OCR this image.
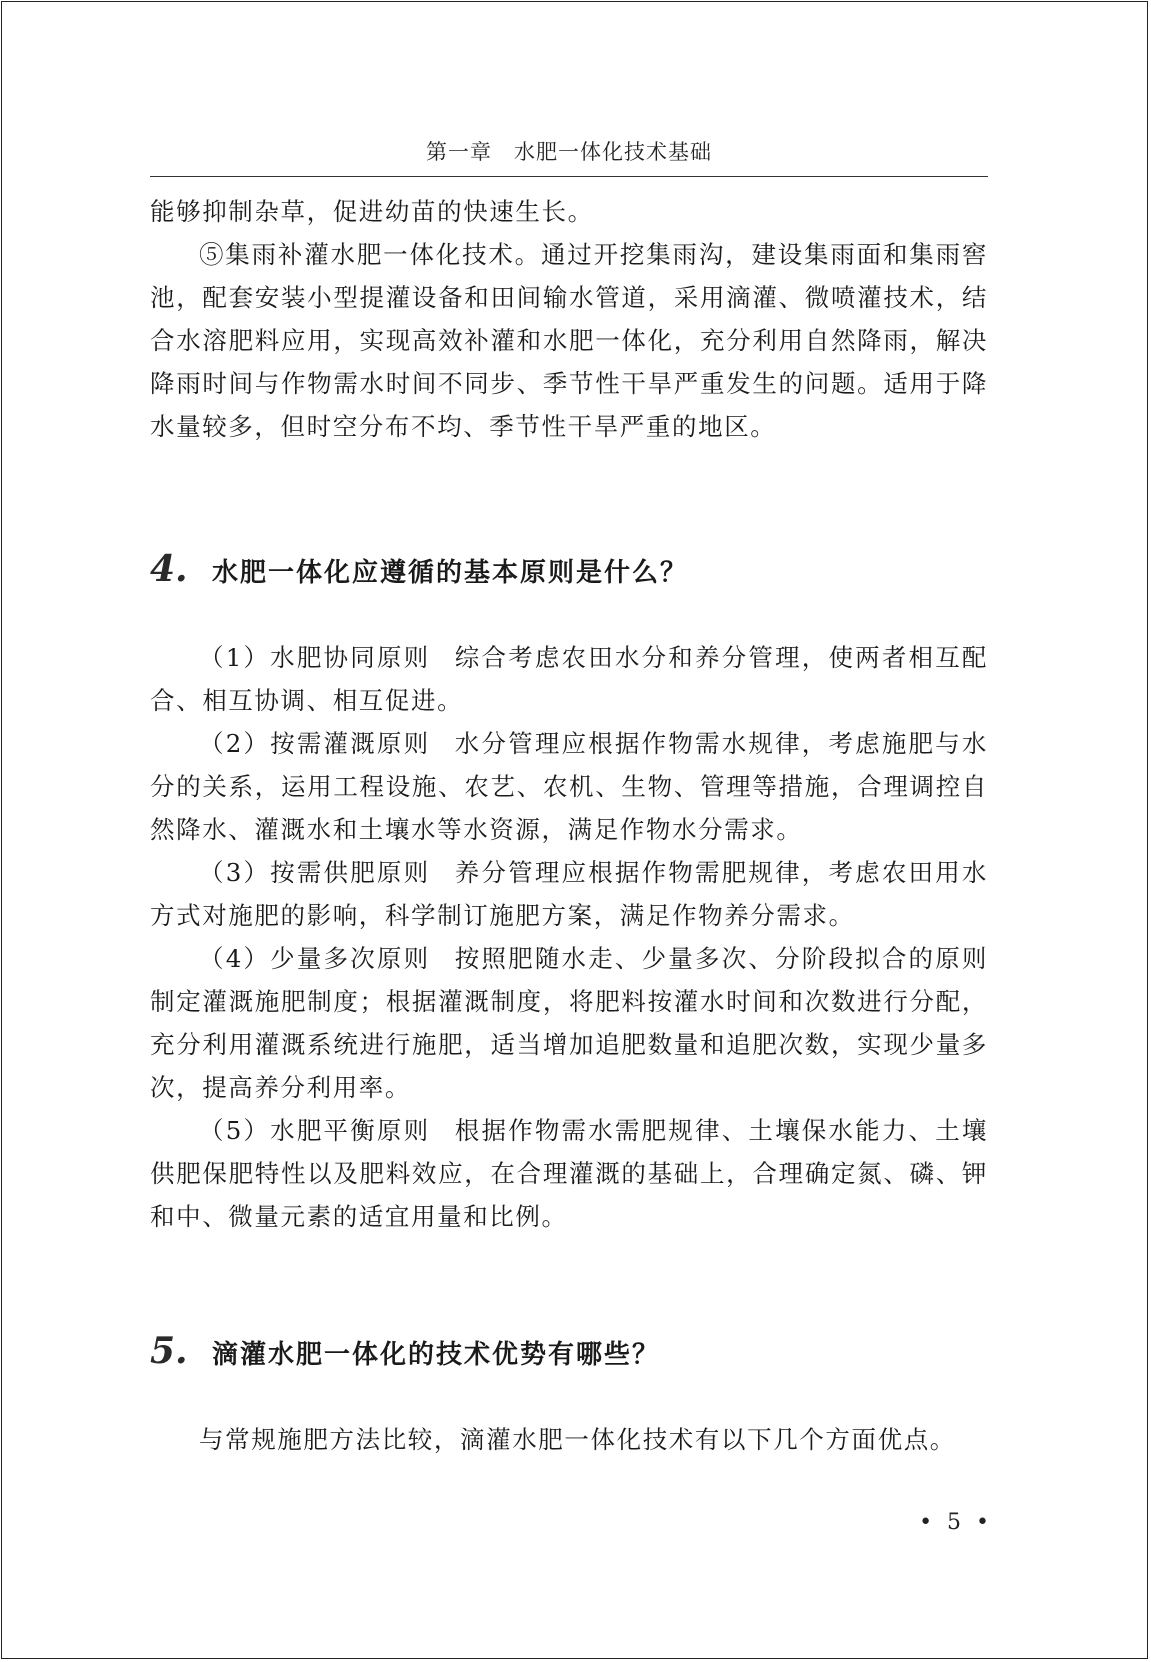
第一章　水肥一体化技术基础

能够抑制杂草，促进幼苗的快速生长。

⑤集雨补灌水肥一体化技术。通过开挖集雨沟，建设集雨面和集雨窖池，配套安装小型提灌设备和田间输水管道，采用滴灌、微喷灌技术，结合水溶肥料应用，实现高效补灌和水肥一体化，充分利用自然降雨，解决降雨时间与作物需水时间不同步、季节性干旱严重发生的问题。适用于降水量较多，但时空分布不均、季节性干旱严重的地区。

4. 水肥一体化应遵循的基本原则是什么？

（1）水肥协同原则 综合考虑农田水分和养分管理，使两者相互配合、相互协调、相互促进。

（2）按需灌溉原则 水分管理应根据作物需水规律，考虑施肥与水分的关系，运用工程设施、农艺、农机、生物、管理等措施，合理调控自然降水、灌溉水和土壤水等水资源，满足作物水分需求。

（3）按需供肥原则 养分管理应根据作物需肥规律，考虑农田用水方式对施肥的影响，科学制订施肥方案，满足作物养分需求。

（4）少量多次原则 按照肥随水走、少量多次、分阶段拟合的原则制定灌溉施肥制度；根据灌溉制度，将肥料按灌水时间和次数进行分配，充分利用灌溉系统进行施肥，适当增加追肥数量和追肥次数，实现少量多次，提高养分利用率。

（5）水肥平衡原则 根据作物需水需肥规律、土壤保水能力、土壤供肥保肥特性以及肥料效应，在合理灌溉的基础上，合理确定氮、磷、钾和中、微量元素的适宜用量和比例。

5. 滴灌水肥一体化的技术优势有哪些？

与常规施肥方法比较，滴灌水肥一体化技术有以下几个方面优点。

• 5 •
